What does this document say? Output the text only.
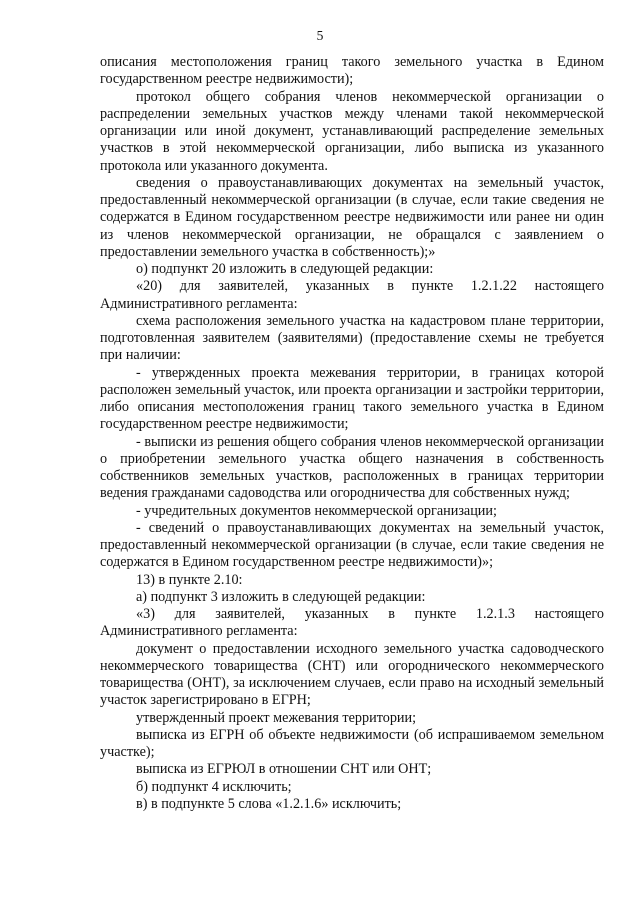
5

описания местоположения границ такого земельного участка в Едином государственном реестре недвижимости);

протокол общего собрания членов некоммерческой организации о распределении земельных участков между членами такой некоммерческой организации или иной документ, устанавливающий распределение земельных участков в этой некоммерческой организации, либо выписка из указанного протокола или указанного документа.

сведения о правоустанавливающих документах на земельный участок, предоставленный некоммерческой организации (в случае, если такие сведения не содержатся в Едином государственном реестре недвижимости или ранее ни один из членов некоммерческой организации, не обращался с заявлением о предоставлении земельного участка в собственность);»

о) подпункт 20 изложить в следующей редакции:

«20) для заявителей, указанных в пункте 1.2.1.22 настоящего Административного регламента:

схема расположения земельного участка на кадастровом плане территории, подготовленная заявителем (заявителями) (предоставление схемы не требуется при наличии:

- утвержденных проекта межевания территории, в границах которой расположен земельный участок, или проекта организации и застройки территории, либо описания местоположения границ такого земельного участка в Едином государственном реестре недвижимости;

- выписки из решения общего собрания членов некоммерческой организации о приобретении земельного участка общего назначения в собственность собственников земельных участков, расположенных в границах территории ведения гражданами садоводства или огородничества для собственных нужд;

- учредительных документов некоммерческой организации;

- сведений о правоустанавливающих документах на земельный участок, предоставленный некоммерческой организации (в случае, если такие сведения не содержатся в Едином государственном реестре недвижимости)»;

13) в пункте 2.10:

а) подпункт 3 изложить в следующей редакции:

«3) для заявителей, указанных в пункте 1.2.1.3 настоящего Административного регламента:

документ о предоставлении исходного земельного участка садоводческого некоммерческого товарищества (СНТ) или огороднического некоммерческого товарищества (ОНТ), за исключением случаев, если право на исходный земельный участок зарегистрировано в ЕГРН;

утвержденный проект межевания территории;

выписка из ЕГРН об объекте недвижимости (об испрашиваемом земельном участке);

выписка из ЕГРЮЛ в отношении СНТ или ОНТ;

б) подпункт 4 исключить;

в) в подпункте 5 слова «1.2.1.6» исключить;
